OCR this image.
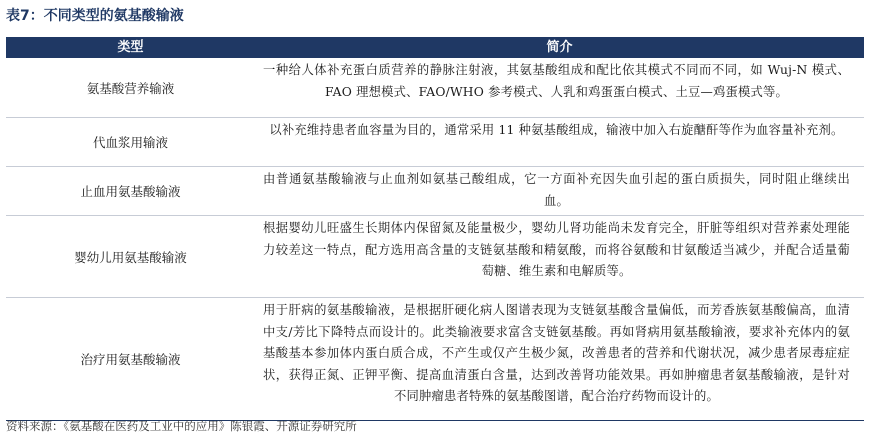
表7：不同类型的氨基酸输液
类型	简介
氨基酸营养输液
一种给人体补充蛋白质营养的静脉注射液，其氨基酸组成和配比依其模式不同而不同，如 Wuj-N 模式、FAO 理想模式、FAO/WHO 参考模式、人乳和鸡蛋蛋白模式、土豆—鸡蛋模式等。
代血浆用输液
以补充维持患者血容量为目的，通常采用 11 种氨基酸组成，输液中加入右旋醣酐等作为血容量补充剂。
止血用氨基酸输液
由普通氨基酸输液与止血剂如氨基己酸组成，它一方面补充因失血引起的蛋白质损失，同时阻止继续出血。
婴幼儿用氨基酸输液
根据婴幼儿旺盛生长期体内保留氮及能量极少，婴幼儿肾功能尚未发育完全，肝脏等组织对营养素处理能力较差这一特点，配方选用高含量的支链氨基酸和精氨酸，而将谷氨酸和甘氨酸适当减少，并配合适量葡萄糖、维生素和电解质等。
治疗用氨基酸输液
用于肝病的氨基酸输液，是根据肝硬化病人图谱表现为支链氨基酸含量偏低，而芳香族氨基酸偏高，血清中支/芳比下降特点而设计的。此类输液要求富含支链氨基酸。再如肾病用氨基酸输液，要求补充体内的氨基酸基本参加体内蛋白质合成，不产生或仅产生极少氮，改善患者的营养和代谢状况，减少患者尿毒症症状，获得正氮、正钾平衡、提高血清蛋白含量，达到改善肾功能效果。再如肿瘤患者氨基酸输液，是针对不同肿瘤患者特殊的氨基酸图谱，配合治疗药物而设计的。
资料来源：《氨基酸在医药及工业中的应用》陈银霞、开源证券研究所
